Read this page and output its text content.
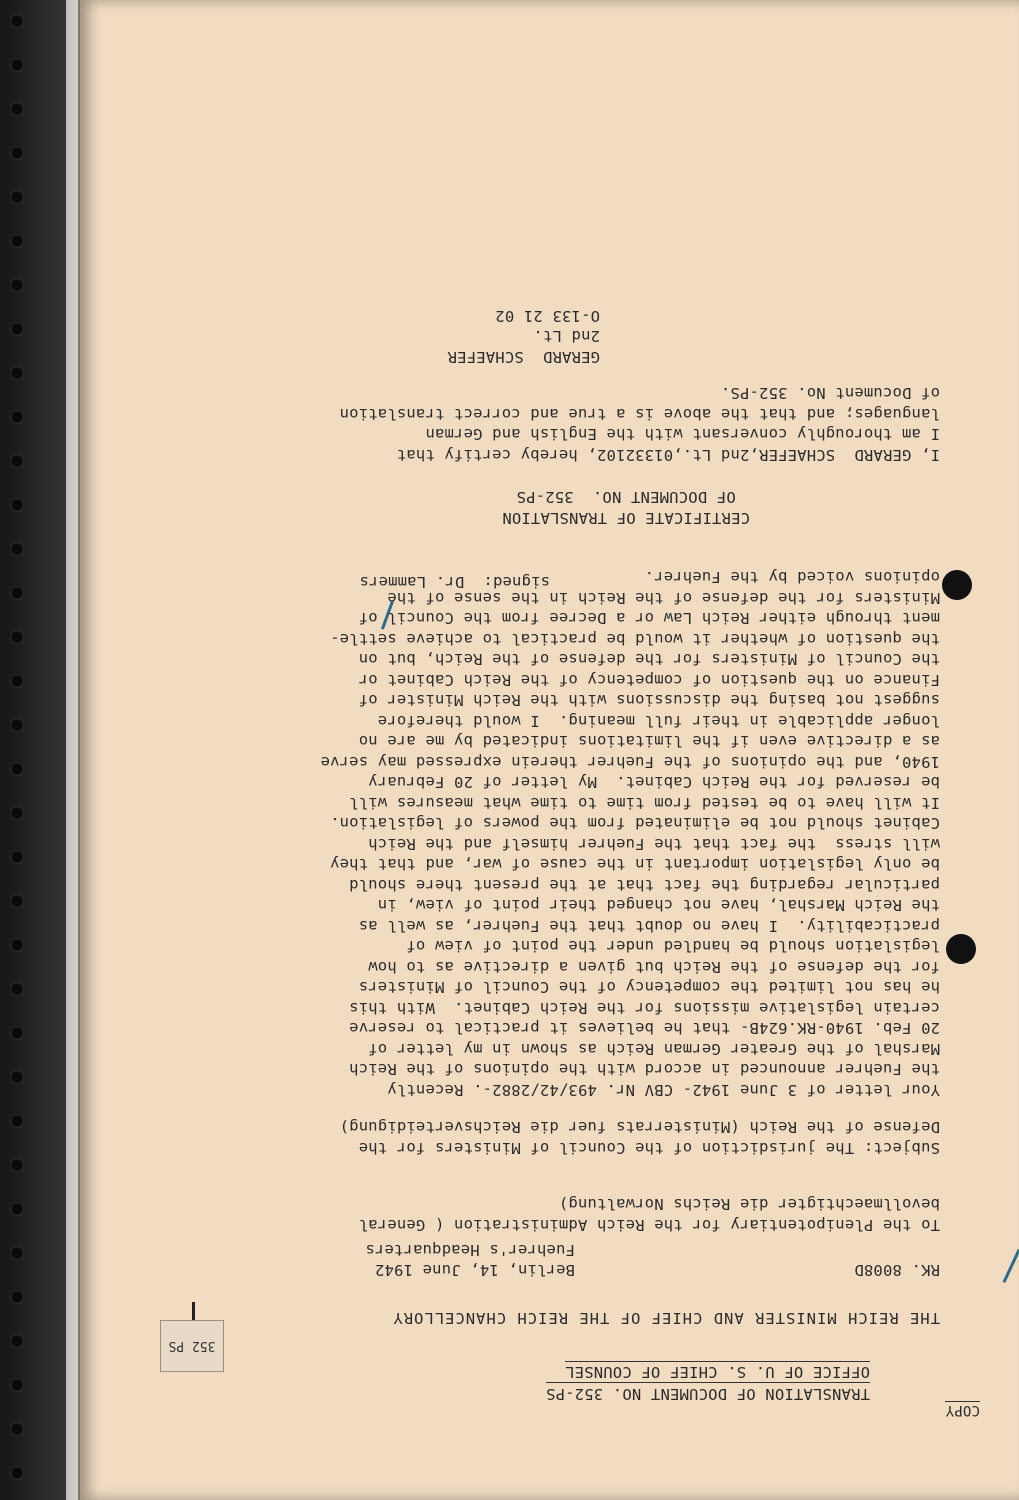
352 PS
COPY

TRANSLATION OF DOCUMENT NO. 352-PS

OFFICE OF U. S. CHIEF OF COUNSEL

THE REICH MINISTER AND CHIEF OF THE REICH CHANCELLORY

RK. 8008D

Berlin, 14, June 1942

Fuehrer's Headquarters

To the Plenipotentiary for the Reich Administration ( General

bevollmaechtigter die Reichs Norwaltung)

Subject: The jurisdiction of the Council of Ministers for the

Defense of the Reich (Ministerrats fuer die Reichsverteidigung)

Your letter of 3 June 1942- CBV Nr. 493/42/2882-. Recently

the Fuehrer announced in accord with the opinions of the Reich

Marshal of the Greater German Reich as shown in my letter of

20 Feb. 1940-RK.624B- that he believes it practical to reserve

certain legislative missions for the Reich Cabinet.  With this

he has not limited the competency of the Council of Ministers

for the defense of the Reich but given a directive as to how

legislation should be handled under the point of view of

practicability.  I have no doubt that the Fuehrer, as well as

the Reich Marshal, have not changed their point of view, in

particular regarding the fact that at the present there should

be only legislation important in the cause of war, and that they

will stress  the fact that the Fuehrer himself and the Reich

Cabinet should not be eliminated from the powers of legislation.

It will have to be tested from time to time what measures will

be reserved for the Reich Cabinet.  My letter of 20 February

1940, and the opinions of the Fuehrer therein expressed may serve

as a directive even if the limitations indicated by me are no

longer applicable in their full meaning.  I would therefore

suggest not basing the discussions with the Reich Minister of

Finance on the question of competency of the Reich Cabinet or

the Council of Ministers for the defense of the Reich, but on

the question of whether it would be practical to achieve settle-

ment through either Reich Law or a Decree from the Council of

Ministers for the defense of the Reich in the sense of the

opinions voiced by the Fuehrer.

signed:  Dr. Lammers

CERTIFICATE OF TRANSLATION

OF DOCUMENT NO.  352-PS

I, GERARD  SCHAEFER,2nd Lt.,01332102, hereby certify that

I am thoroughly conversant with the English and German

languages; and that the above is a true and correct translation

of Document No. 352-PS.

GERARD  SCHAEFER

2nd Lt.

O-133 21 02
